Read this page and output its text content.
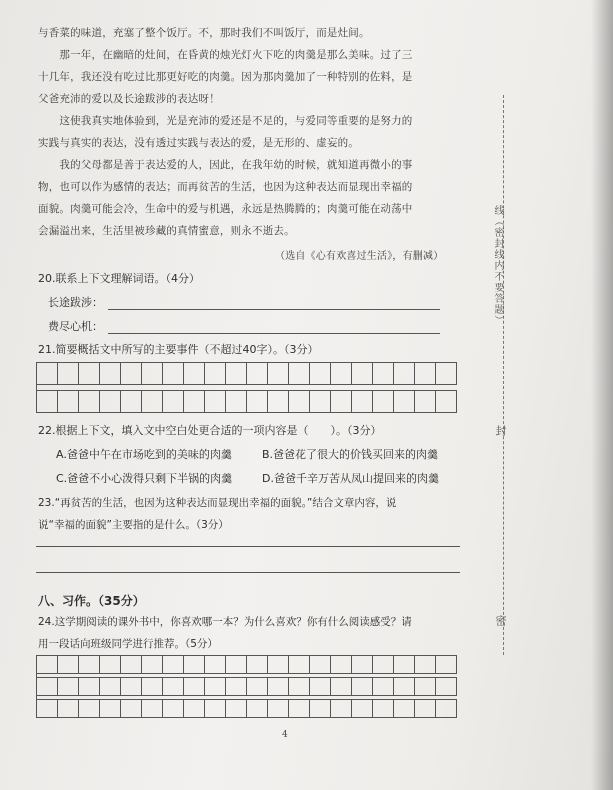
与香菜的味道，充塞了整个饭厅。不，那时我们不叫饭厅，而是灶间。
　　那一年，在幽暗的灶间，在昏黄的烛光灯火下吃的肉羹是那么美味。过了三
十几年，我还没有吃过比那更好吃的肉羹。因为那肉羹加了一种特别的佐料，是
父爸充沛的爱以及长途跋涉的表达呀！
　　这使我真实地体验到，光是充沛的爱还是不足的，与爱同等重要的是努力的
实践与真实的表达，没有透过实践与表达的爱，是无形的、虚妄的。
　　我的父母都是善于表达爱的人，因此，在我年幼的时候，就知道再微小的事
物，也可以作为感情的表达；而再贫苦的生活，也因为这种表达而显现出幸福的
面貌。肉羹可能会冷，生命中的爱与机遇，永远是热腾腾的；肉羹可能在动荡中
会漏溢出来，生活里被珍藏的真情蜜意，则永不逝去。
（选自《心有欢喜过生活》，有删减）
20.联系上下文理解词语。（4分）
长途跋涉：
费尽心机：
21.简要概括文中所写的主要事件（不超过40字）。（3分）
22.根据上下文，填入文中空白处更合适的一项内容是（　　）。（3分）
A.爸爸中午在市场吃到的美味的肉羹	B.爸爸花了很大的价钱买回来的肉羹
C.爸爸不小心泼得只剩下半锅的肉羹	D.爸爸千辛万苦从凤山提回来的肉羹
23.“再贫苦的生活，也因为这种表达而显现出幸福的面貌。”结合文章内容，说
说“幸福的面貌”主要指的是什么。（3分）
八、习作。（35分）
24.这学期阅读的课外书中，你喜欢哪一本？为什么喜欢？你有什么阅读感受？请
用一段话向班级同学进行推荐。（5分）
线（密封线内不要答题）
封
密
4
